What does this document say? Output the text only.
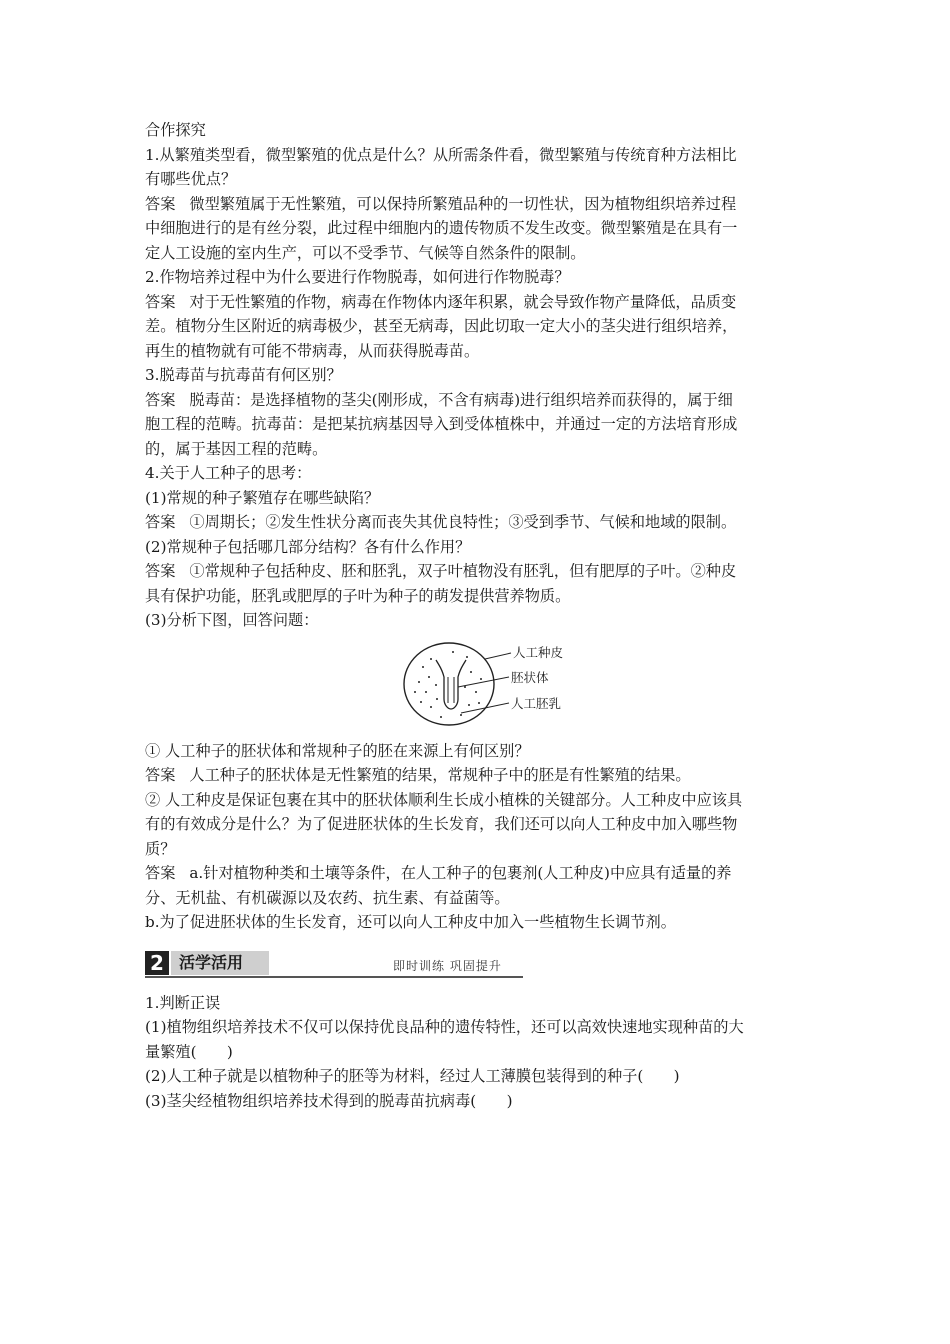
合作探究
1.从繁殖类型看，微型繁殖的优点是什么？从所需条件看，微型繁殖与传统育种方法相比
有哪些优点？
答案 微型繁殖属于无性繁殖，可以保持所繁殖品种的一切性状，因为植物组织培养过程
中细胞进行的是有丝分裂，此过程中细胞内的遗传物质不发生改变。微型繁殖是在具有一
定人工设施的室内生产，可以不受季节、气候等自然条件的限制。
2.作物培养过程中为什么要进行作物脱毒，如何进行作物脱毒？
答案 对于无性繁殖的作物，病毒在作物体内逐年积累，就会导致作物产量降低，品质变
差。植物分生区附近的病毒极少，甚至无病毒，因此切取一定大小的茎尖进行组织培养，
再生的植物就有可能不带病毒，从而获得脱毒苗。
3.脱毒苗与抗毒苗有何区别？
答案 脱毒苗：是选择植物的茎尖(刚形成，不含有病毒)进行组织培养而获得的，属于细
胞工程的范畴。抗毒苗：是把某抗病基因导入到受体植株中，并通过一定的方法培育形成
的，属于基因工程的范畴。
4.关于人工种子的思考：
(1)常规的种子繁殖存在哪些缺陷？
答案 ①周期长；②发生性状分离而丧失其优良特性；③受到季节、气候和地域的限制。
(2)常规种子包括哪几部分结构？各有什么作用？
答案 ①常规种子包括种皮、胚和胚乳，双子叶植物没有胚乳，但有肥厚的子叶。②种皮
具有保护功能，胚乳或肥厚的子叶为种子的萌发提供营养物质。
(3)分析下图，回答问题：
人工种皮
胚状体
人工胚乳
① 人工种子的胚状体和常规种子的胚在来源上有何区别？
答案 人工种子的胚状体是无性繁殖的结果，常规种子中的胚是有性繁殖的结果。
② 人工种皮是保证包裹在其中的胚状体顺利生长成小植株的关键部分。人工种皮中应该具
有的有效成分是什么？为了促进胚状体的生长发育，我们还可以向人工种皮中加入哪些物
质？
答案 a.针对植物种类和土壤等条件，在人工种子的包裹剂(人工种皮)中应具有适量的养
分、无机盐、有机碳源以及农药、抗生素、有益菌等。
b.为了促进胚状体的生长发育，还可以向人工种皮中加入一些植物生长调节剂。
2 活学活用	即时训练 巩固提升
1.判断正误
(1)植物组织培养技术不仅可以保持优良品种的遗传特性，还可以高效快速地实现种苗的大
量繁殖(　　)
(2)人工种子就是以植物种子的胚等为材料，经过人工薄膜包装得到的种子(　　)
(3)茎尖经植物组织培养技术得到的脱毒苗抗病毒(　　)
